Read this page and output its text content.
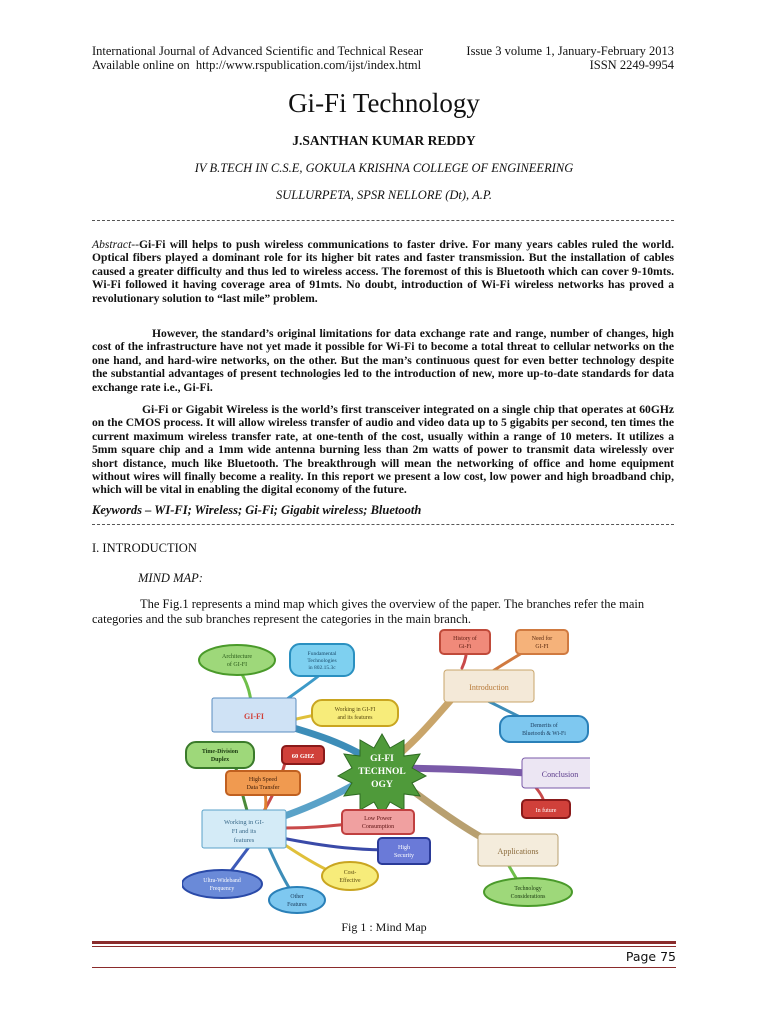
International Journal of Advanced Scientific and Technical Resear	Issue 3 volume 1, January-February 2013
Available online on http://www.rspublication.com/ijst/index.html	ISSN 2249-9954
Gi-Fi Technology
J.SANTHAN KUMAR REDDY
IV B.TECH IN C.S.E, GOKULA KRISHNA COLLEGE OF ENGINEERING
SULLURPETA, SPSR NELLORE (Dt), A.P.
Abstract--Gi-Fi will helps to push wireless communications to faster drive. For many years cables ruled the world. Optical fibers played a dominant role for its higher bit rates and faster transmission. But the installation of cables caused a greater difficulty and thus led to wireless access. The foremost of this is Bluetooth which can cover 9-10mts. Wi-Fi followed it having coverage area of 91mts. No doubt, introduction of Wi-Fi wireless networks has proved a revolutionary solution to “last mile” problem.
However, the standard’s original limitations for data exchange rate and range, number of changes, high cost of the infrastructure have not yet made it possible for Wi-Fi to become a total threat to cellular networks on the one hand, and hard-wire networks, on the other. But the man’s continuous quest for even better technology despite the substantial advantages of present technologies led to the introduction of new, more up-to-date standards for data exchange rate i.e., Gi-Fi.
Gi-Fi or Gigabit Wireless is the world’s first transceiver integrated on a single chip that operates at 60GHz on the CMOS process. It will allow wireless transfer of audio and video data up to 5 gigabits per second, ten times the current maximum wireless transfer rate, at one-tenth of the cost, usually within a range of 10 meters. It utilizes a 5mm square chip and a 1mm wide antenna burning less than 2m watts of power to transmit data wirelessly over short distance, much like Bluetooth. The breakthrough will mean the networking of office and home equipment without wires will finally become a reality. In this report we present a low cost, low power and high broadband chip, which will be vital in enabling the digital economy of the future.
Keywords – WI-FI; Wireless; Gi-Fi; Gigabit wireless; Bluetooth
I. INTRODUCTION
MIND MAP:
The Fig.1 represents a mind map which gives the overview of the paper. The branches refer the main categories and the sub branches represent the categories in the main branch.
GI-FI
TECHNOL
OGY
GI-FI
Introduction
Conclusion
Working in GI-
FI and its
features
Applications
Architecture
of GI-FI
Fundamental
Technologies
in 802.15.3c
Working in GI-FI
and its features
History of
Gi-Fi
Need for
GI-FI
Demerits of
Bluetooth & Wi-Fi
Time-Division
Duplex	60 GHZ
High Speed
Data Transfer
Low Power
Consumption
High
Security
Cost-
Effective
Ultra-Wideband
Frequency
Other
Features
In future
Technology
Considerations
Fig 1 : Mind Map
Page 75
